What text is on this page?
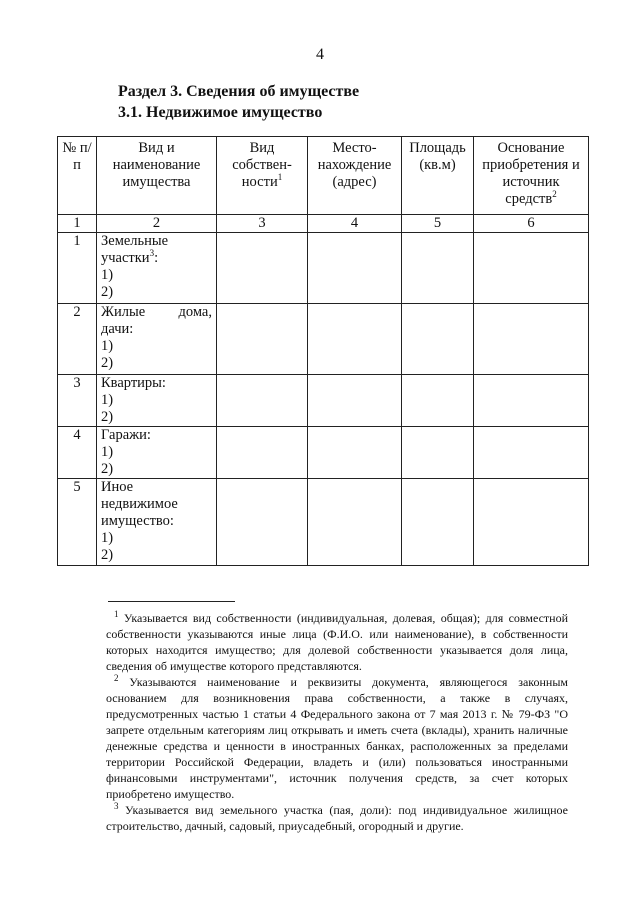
4
Раздел 3. Сведения об имуществе
3.1. Недвижимое имущество
№ п/п	Вид и наименование имущества	Вид собствен-ности$^1$	Место-нахождение (адрес)	Площадь (кв.м)	Основание приобретения и источник средств$^2$
1	2	3	4	5	6
1	Земельные участки$^3$:
1)
2)				

2	Жилые дома,
дачи:
1)
2)				

3	Квартиры:
1)
2)				

4	Гаражи:
1)
2)				

5	Иное недвижимое имущество:
1)
2)				

$^1$ Указывается вид собственности (индивидуальная, долевая, общая); для совместной собственности указываются иные лица (Ф.И.О. или наименование), в собственности которых находится имущество; для долевой собственности указывается доля лица, сведения об имуществе которого представляются.
$^2$ Указываются наименование и реквизиты документа, являющегося законным основанием для возникновения права собственности, а также в случаях, предусмотренных частью 1 статьи 4 Федерального закона от 7 мая 2013 г. № 79-ФЗ "О запрете отдельным категориям лиц открывать и иметь счета (вклады), хранить наличные денежные средства и ценности в иностранных банках, расположенных за пределами территории Российской Федерации, владеть и (или) пользоваться иностранными финансовыми инструментами", источник получения средств, за счет которых приобретено имущество.
$^3$ Указывается вид земельного участка (пая, доли): под индивидуальное жилищное строительство, дачный, садовый, приусадебный, огородный и другие.
